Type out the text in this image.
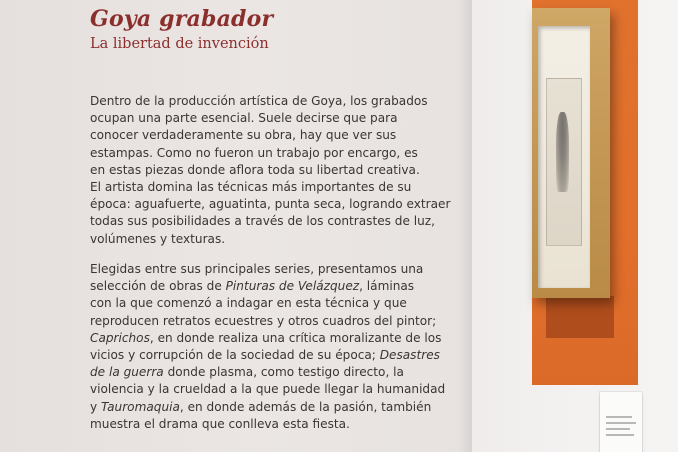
Goya grabador
La libertad de invención
Dentro de la producción artística de Goya, los grabados
ocupan una parte esencial. Suele decirse que para
conocer verdaderamente su obra, hay que ver sus
estampas. Como no fueron un trabajo por encargo, es
en estas piezas donde aflora toda su libertad creativa.
El artista domina las técnicas más importantes de su
época: aguafuerte, aguatinta, punta seca, logrando extraer
todas sus posibilidades a través de los contrastes de luz,
volúmenes y texturas.
Elegidas entre sus principales series, presentamos una
selección de obras de Pinturas de Velázquez, láminas
con la que comenzó a indagar en esta técnica y que
reproducen retratos ecuestres y otros cuadros del pintor;
Caprichos, en donde realiza una crítica moralizante de los
vicios y corrupción de la sociedad de su época; Desastres
de la guerra donde plasma, como testigo directo, la
violencia y la crueldad a la que puede llegar la humanidad
y Tauromaquia, en donde además de la pasión, también
muestra el drama que conlleva esta fiesta.
